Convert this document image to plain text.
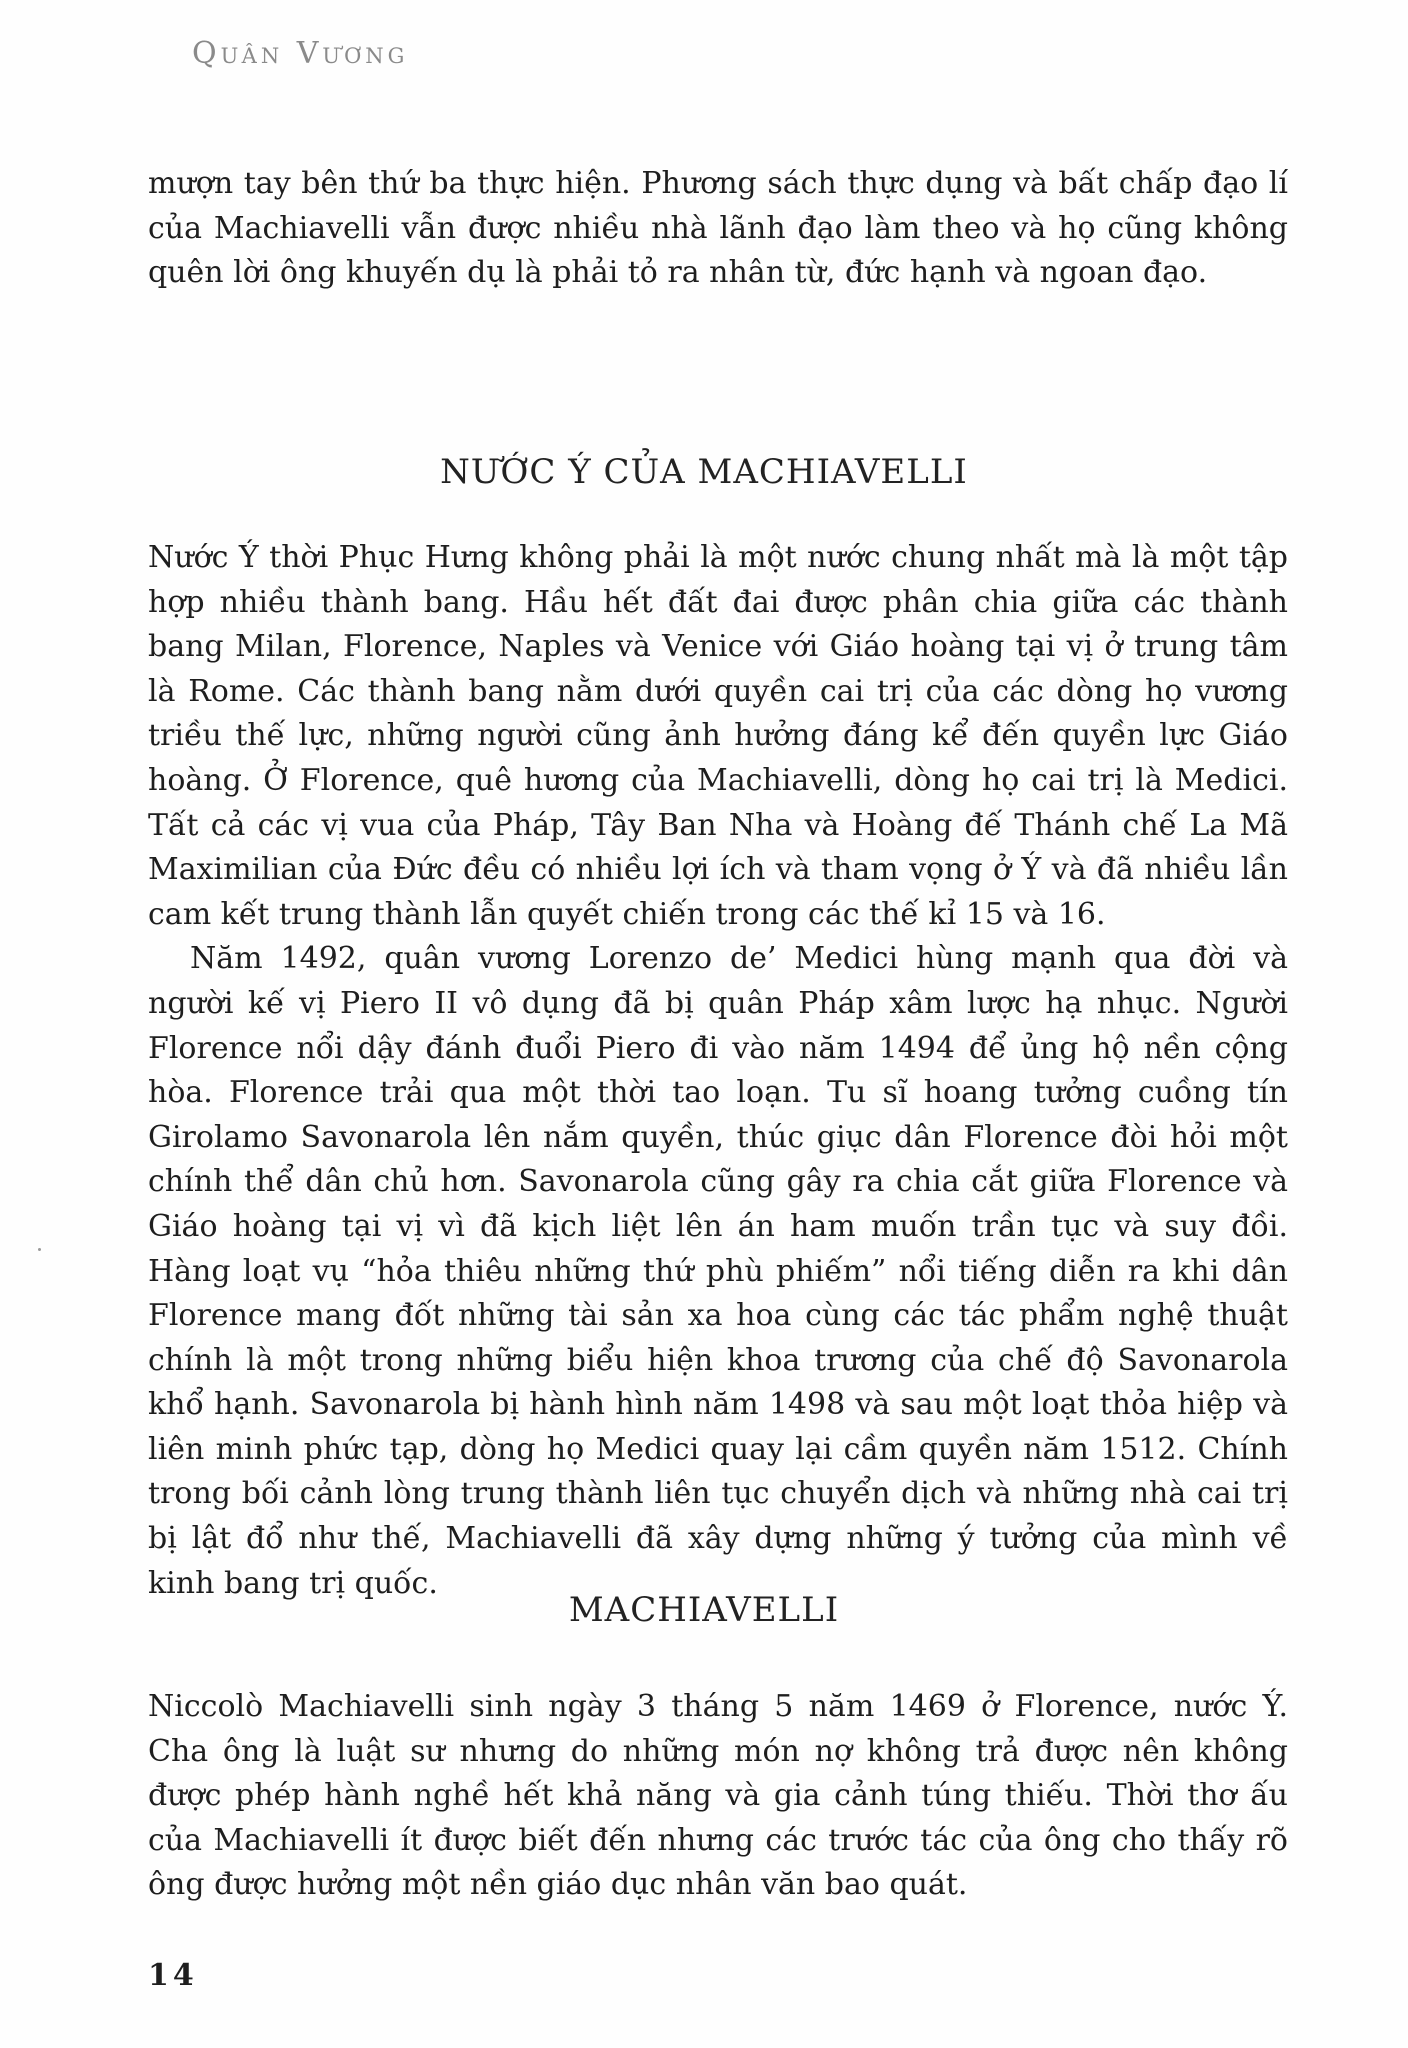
Quân Vương

mượn tay bên thứ ba thực hiện. Phương sách thực dụng và bất chấp đạo lí của Machiavelli vẫn được nhiều nhà lãnh đạo làm theo và họ cũng không quên lời ông khuyến dụ là phải tỏ ra nhân từ, đức hạnh và ngoan đạo.

NƯỚC Ý CỦA MACHIAVELLI

Nước Ý thời Phục Hưng không phải là một nước chung nhất mà là một tập hợp nhiều thành bang. Hầu hết đất đai được phân chia giữa các thành bang Milan, Florence, Naples và Venice với Giáo hoàng tại vị ở trung tâm là Rome. Các thành bang nằm dưới quyền cai trị của các dòng họ vương triều thế lực, những người cũng ảnh hưởng đáng kể đến quyền lực Giáo hoàng. Ở Florence, quê hương của Machiavelli, dòng họ cai trị là Medici. Tất cả các vị vua của Pháp, Tây Ban Nha và Hoàng đế Thánh chế La Mã Maximilian của Đức đều có nhiều lợi ích và tham vọng ở Ý và đã nhiều lần cam kết trung thành lẫn quyết chiến trong các thế kỉ 15 và 16.

Năm 1492, quân vương Lorenzo de’ Medici hùng mạnh qua đời và người kế vị Piero II vô dụng đã bị quân Pháp xâm lược hạ nhục. Người Florence nổi dậy đánh đuổi Piero đi vào năm 1494 để ủng hộ nền cộng hòa. Florence trải qua một thời tao loạn. Tu sĩ hoang tưởng cuồng tín Girolamo Savonarola lên nắm quyền, thúc giục dân Florence đòi hỏi một chính thể dân chủ hơn. Savonarola cũng gây ra chia cắt giữa Florence và Giáo hoàng tại vị vì đã kịch liệt lên án ham muốn trần tục và suy đồi. Hàng loạt vụ “hỏa thiêu những thứ phù phiếm” nổi tiếng diễn ra khi dân Florence mang đốt những tài sản xa hoa cùng các tác phẩm nghệ thuật chính là một trong những biểu hiện khoa trương của chế độ Savonarola khổ hạnh. Savonarola bị hành hình năm 1498 và sau một loạt thỏa hiệp và liên minh phức tạp, dòng họ Medici quay lại cầm quyền năm 1512. Chính trong bối cảnh lòng trung thành liên tục chuyển dịch và những nhà cai trị bị lật đổ như thế, Machiavelli đã xây dựng những ý tưởng của mình về kinh bang trị quốc.

MACHIAVELLI

Niccolò Machiavelli sinh ngày 3 tháng 5 năm 1469 ở Florence, nước Ý. Cha ông là luật sư nhưng do những món nợ không trả được nên không được phép hành nghề hết khả năng và gia cảnh túng thiếu. Thời thơ ấu của Machiavelli ít được biết đến nhưng các trước tác của ông cho thấy rõ ông được hưởng một nền giáo dục nhân văn bao quát.

14
